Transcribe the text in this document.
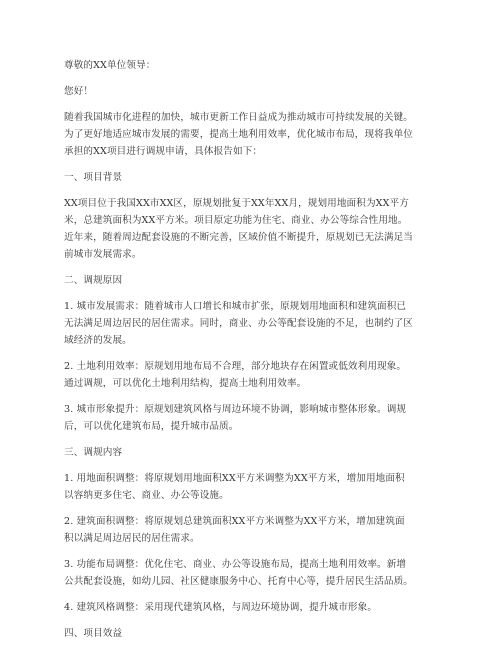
尊敬的XX单位领导：
您好！
随着我国城市化进程的加快，城市更新工作日益成为推动城市可持续发展的关键。
为了更好地适应城市发展的需要，提高土地利用效率，优化城市布局，现将我单位
承担的XX项目进行调规申请，具体报告如下：
一、项目背景
XX项目位于我国XX市XX区，原规划批复于XX年XX月，规划用地面积为XX平方
米，总建筑面积为XX平方米。项目原定功能为住宅、商业、办公等综合性用地。
近年来，随着周边配套设施的不断完善，区域价值不断提升，原规划已无法满足当
前城市发展需求。
二、调规原因
1. 城市发展需求：随着城市人口增长和城市扩张，原规划用地面积和建筑面积已
无法满足周边居民的居住需求。同时，商业、办公等配套设施的不足，也制约了区
域经济的发展。
2. 土地利用效率：原规划用地布局不合理，部分地块存在闲置或低效利用现象。
通过调规，可以优化土地利用结构，提高土地利用效率。
3. 城市形象提升：原规划建筑风格与周边环境不协调，影响城市整体形象。调规
后，可以优化建筑布局，提升城市品质。
三、调规内容
1. 用地面积调整：将原规划用地面积XX平方米调整为XX平方米，增加用地面积
以容纳更多住宅、商业、办公等设施。
2. 建筑面积调整：将原规划总建筑面积XX平方米调整为XX平方米，增加建筑面
积以满足周边居民的居住需求。
3. 功能布局调整：优化住宅、商业、办公等设施布局，提高土地利用效率。新增
公共配套设施，如幼儿园、社区健康服务中心、托育中心等，提升居民生活品质。
4. 建筑风格调整：采用现代建筑风格，与周边环境协调，提升城市形象。
四、项目效益
